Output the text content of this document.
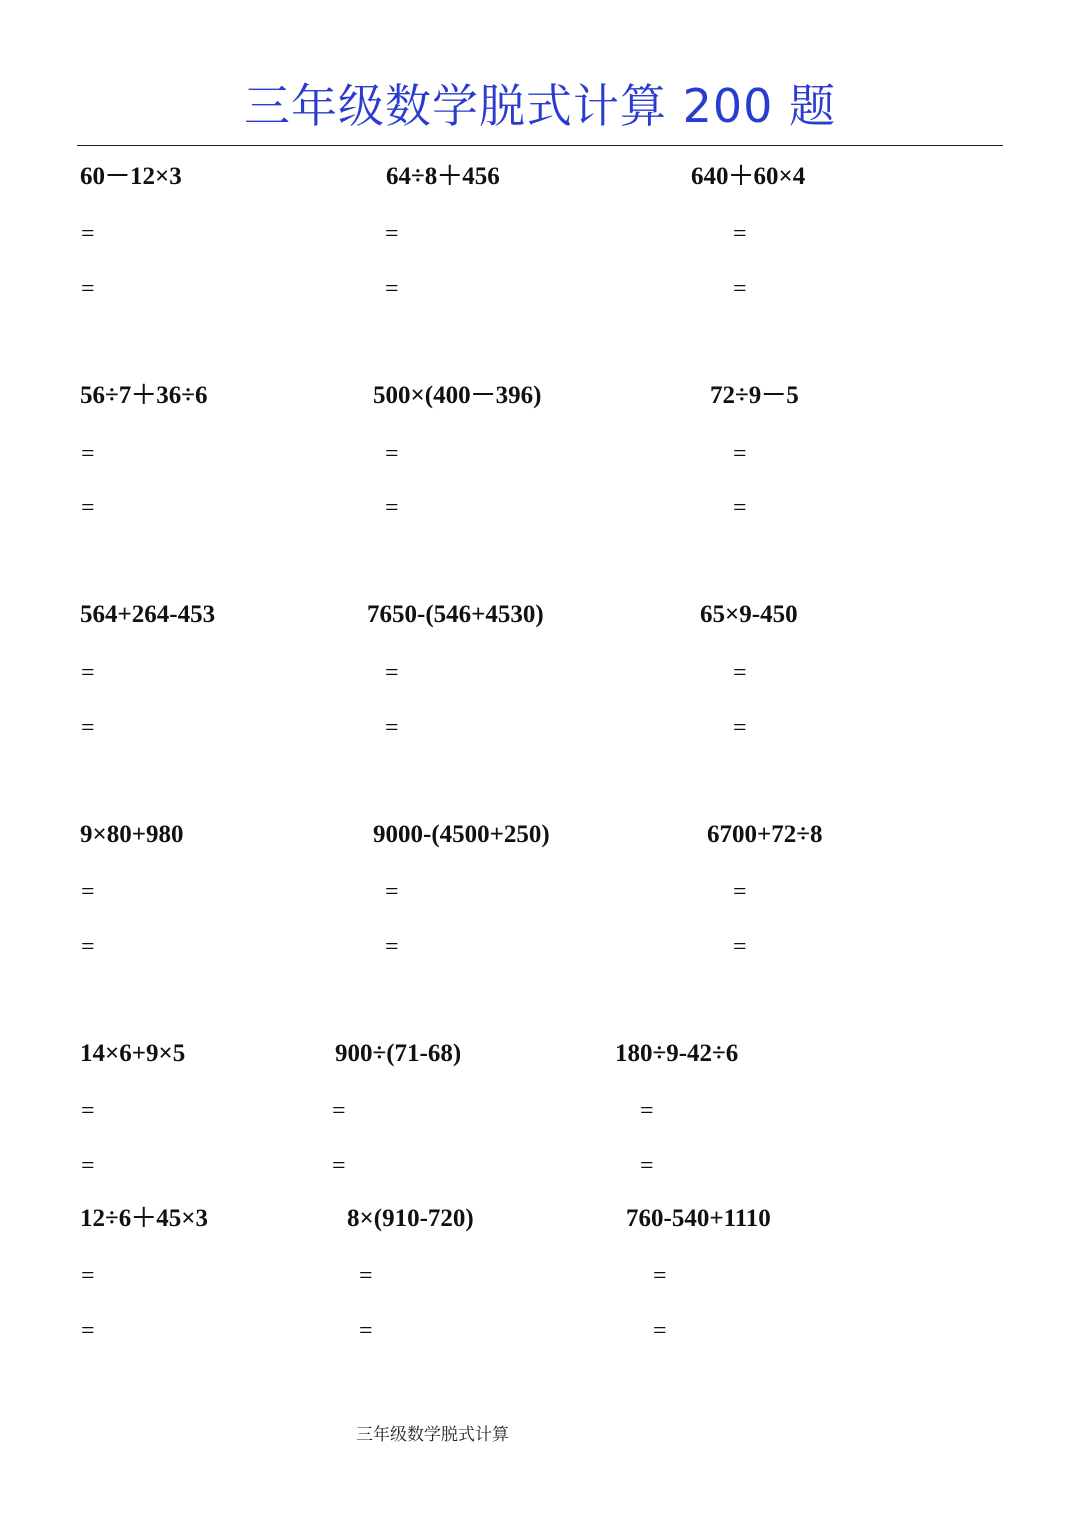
三年级数学脱式计算 200 题
60－12×3
=
=
64÷8＋456
=
=
640＋60×4
=
=
56÷7＋36÷6
=
=
500×(400－396)
=
=
72÷9－5
=
=
564+264-453
=
=
7650-(546+4530)
=
=
65×9-450
=
=
9×80+980
=
=
9000-(4500+250)
=
=
6700+72÷8
=
=
14×6+9×5
=
=
900÷(71-68)
=
=
180÷9-42÷6
=
=
12÷6＋45×3
=
=
8×(910-720)
=
=
760-540+1110
=
=
三年级数学脱式计算
